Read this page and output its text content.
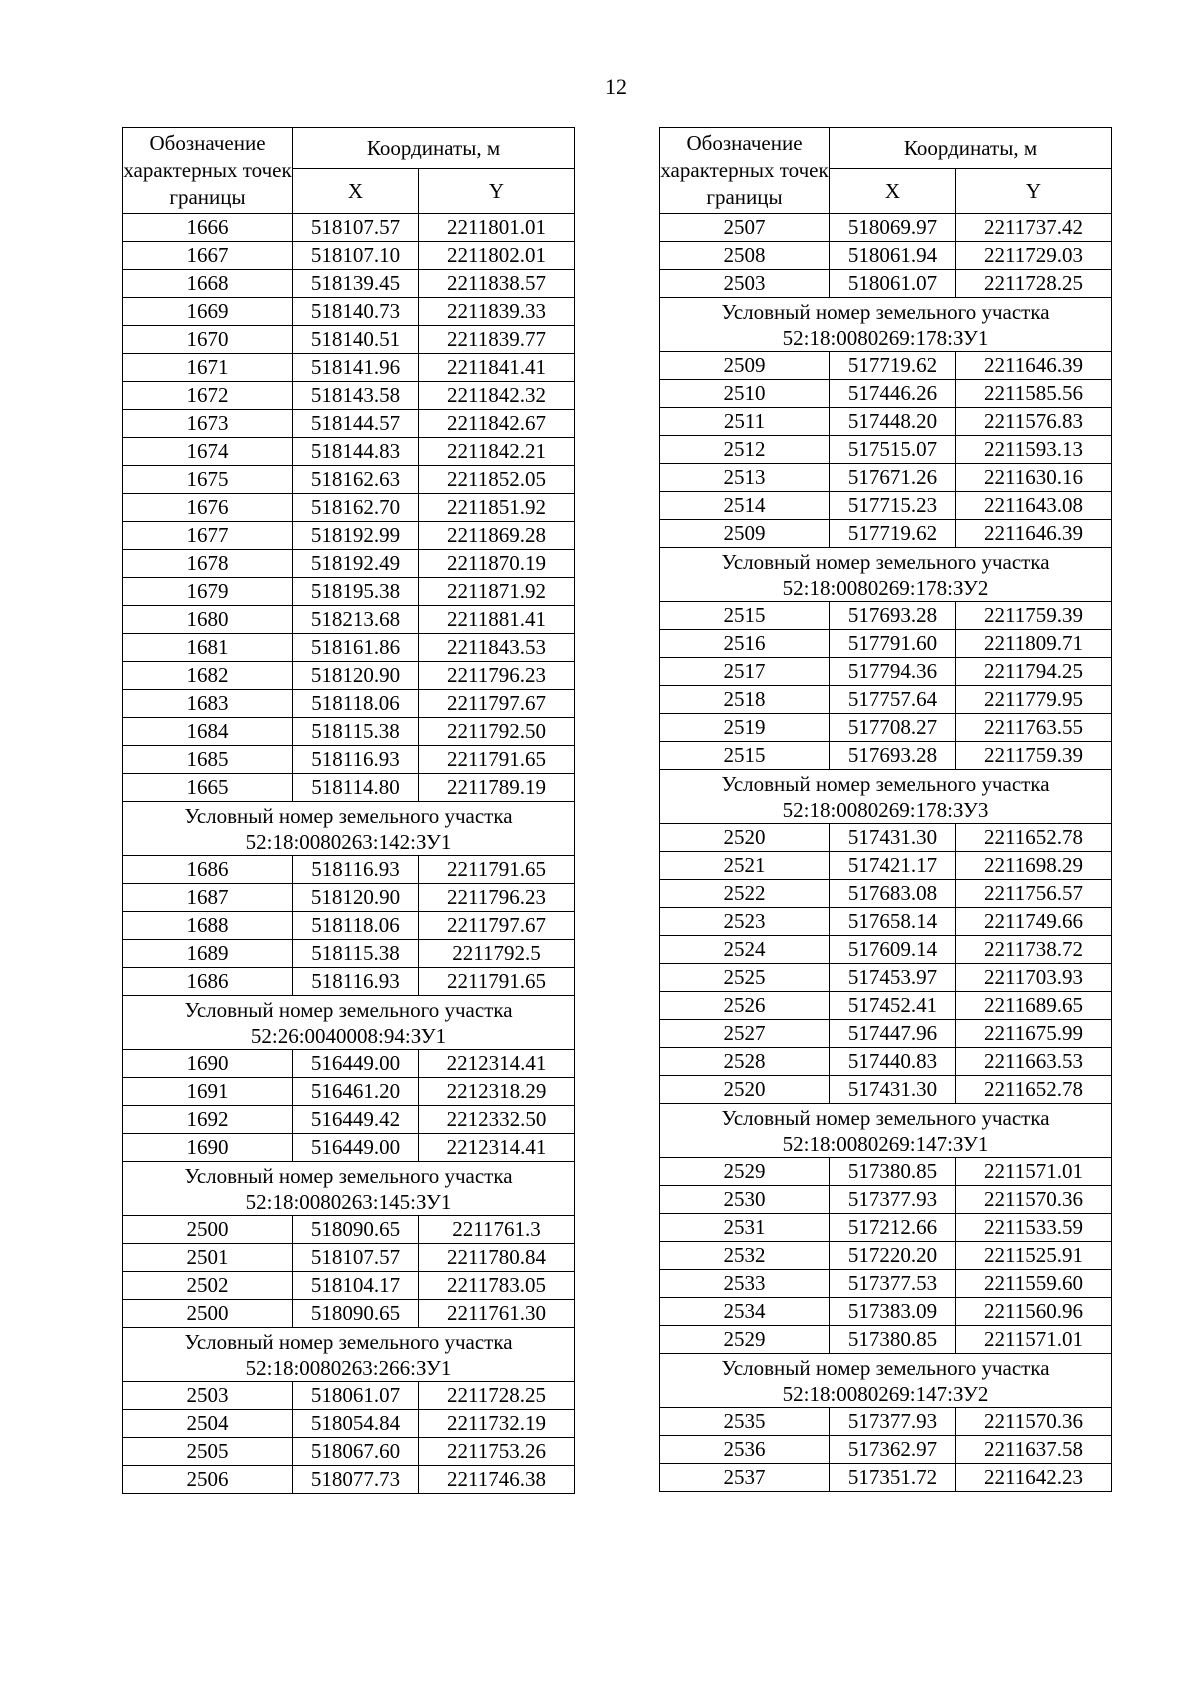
12
Обозначение характерных точек границы	Координаты, м	
	X	Y
1666	518107.57	2211801.01
1667	518107.10	2211802.01
1668	518139.45	2211838.57
1669	518140.73	2211839.33
1670	518140.51	2211839.77
1671	518141.96	2211841.41
1672	518143.58	2211842.32
1673	518144.57	2211842.67
1674	518144.83	2211842.21
1675	518162.63	2211852.05
1676	518162.70	2211851.92
1677	518192.99	2211869.28
1678	518192.49	2211870.19
1679	518195.38	2211871.92
1680	518213.68	2211881.41
1681	518161.86	2211843.53
1682	518120.90	2211796.23
1683	518118.06	2211797.67
1684	518115.38	2211792.50
1685	518116.93	2211791.65
1665	518114.80	2211789.19

Условный номер земельного участка
52:18:0080263:142:ЗУ1		

1686	518116.93	2211791.65
1687	518120.90	2211796.23
1688	518118.06	2211797.67
1689	518115.38	2211792.5
1686	518116.93	2211791.65

Условный номер земельного участка
52:26:0040008:94:ЗУ1		

1690	516449.00	2212314.41
1691	516461.20	2212318.29
1692	516449.42	2212332.50
1690	516449.00	2212314.41

Условный номер земельного участка
52:18:0080263:145:ЗУ1		

2500	518090.65	2211761.3
2501	518107.57	2211780.84
2502	518104.17	2211783.05
2500	518090.65	2211761.30

Условный номер земельного участка
52:18:0080263:266:ЗУ1		

2503	518061.07	2211728.25
2504	518054.84	2211732.19
2505	518067.60	2211753.26
2506	518077.73	2211746.38
Обозначение характерных точек границы	Координаты, м	
	X	Y
2507	518069.97	2211737.42
2508	518061.94	2211729.03
2503	518061.07	2211728.25

Условный номер земельного участка
52:18:0080269:178:ЗУ1		

2509	517719.62	2211646.39
2510	517446.26	2211585.56
2511	517448.20	2211576.83
2512	517515.07	2211593.13
2513	517671.26	2211630.16
2514	517715.23	2211643.08
2509	517719.62	2211646.39

Условный номер земельного участка
52:18:0080269:178:ЗУ2		

2515	517693.28	2211759.39
2516	517791.60	2211809.71
2517	517794.36	2211794.25
2518	517757.64	2211779.95
2519	517708.27	2211763.55
2515	517693.28	2211759.39

Условный номер земельного участка
52:18:0080269:178:ЗУ3		

2520	517431.30	2211652.78
2521	517421.17	2211698.29
2522	517683.08	2211756.57
2523	517658.14	2211749.66
2524	517609.14	2211738.72
2525	517453.97	2211703.93
2526	517452.41	2211689.65
2527	517447.96	2211675.99
2528	517440.83	2211663.53
2520	517431.30	2211652.78

Условный номер земельного участка
52:18:0080269:147:ЗУ1		

2529	517380.85	2211571.01
2530	517377.93	2211570.36
2531	517212.66	2211533.59
2532	517220.20	2211525.91
2533	517377.53	2211559.60
2534	517383.09	2211560.96
2529	517380.85	2211571.01

Условный номер земельного участка
52:18:0080269:147:ЗУ2		

2535	517377.93	2211570.36
2536	517362.97	2211637.58
2537	517351.72	2211642.23
